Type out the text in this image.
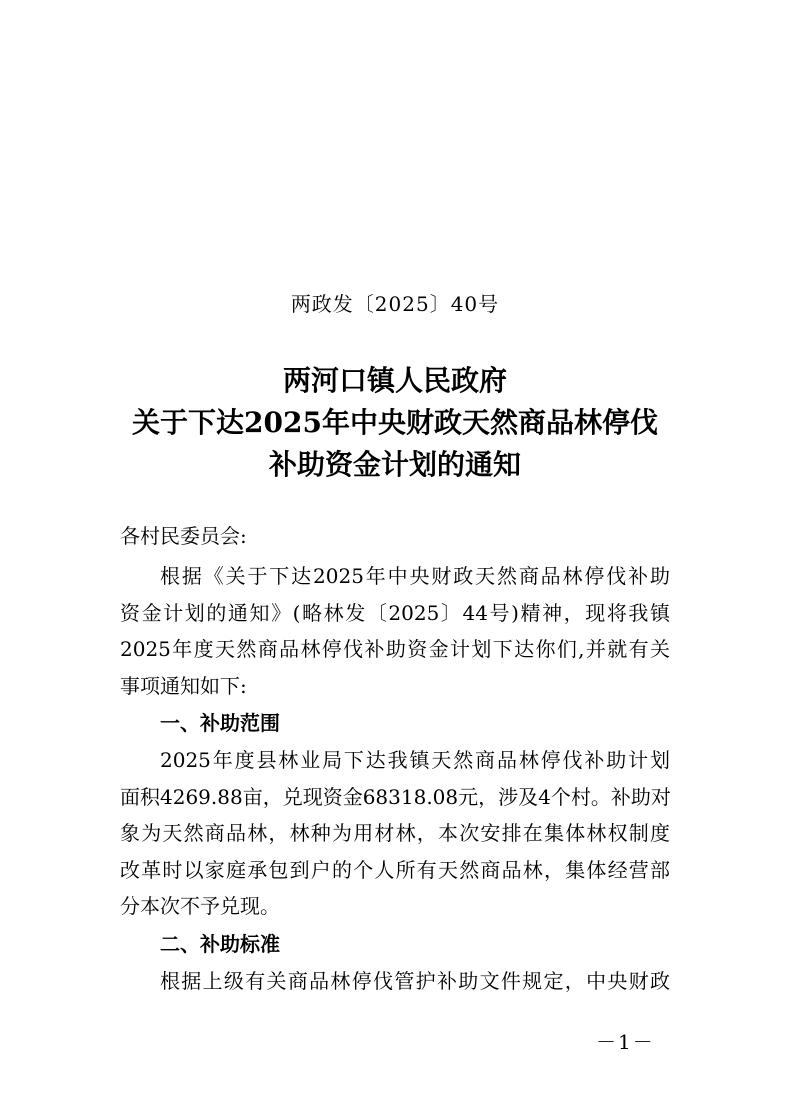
两政发〔2025〕40号
两河口镇人民政府
关于下达2025年中央财政天然商品林停伐
补助资金计划的通知
各村民委员会:
根据《关于下达2025年中央财政天然商品林停伐补助
资金计划的通知》(略林发〔2025〕44号)精神，现将我镇
2025年度天然商品林停伐补助资金计划下达你们,并就有关
事项通知如下:
一、补助范围
2025年度县林业局下达我镇天然商品林停伐补助计划
面积4269.88亩，兑现资金68318.08元，涉及4个村。补助对
象为天然商品林，林种为用材林，本次安排在集体林权制度
改革时以家庭承包到户的个人所有天然商品林，集体经营部
分本次不予兑现。
二、补助标准
根据上级有关商品林停伐管护补助文件规定，中央财政
－1－
